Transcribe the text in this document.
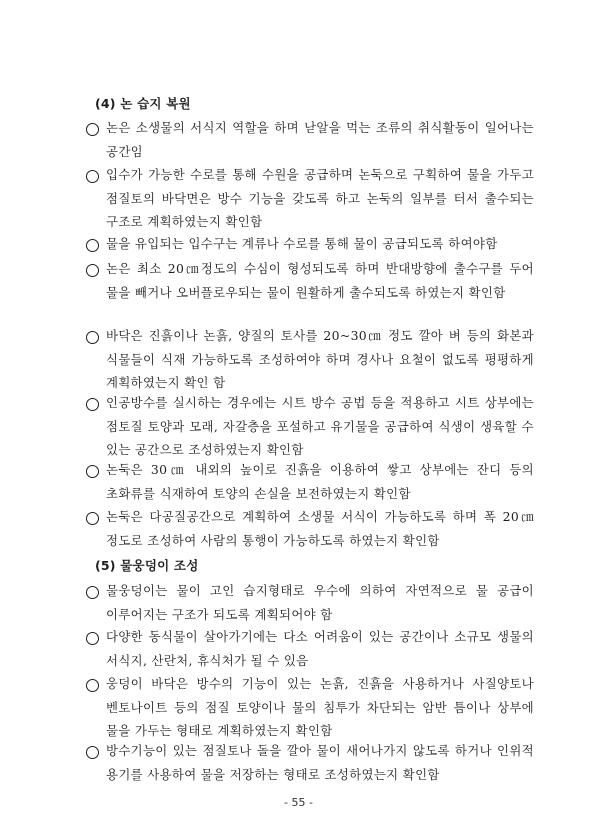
(4) 논 습지 복원
논은 소생물의 서식지 역할을 하며 낟알을 먹는 조류의 취식활동이 일어나는 공간임
입수가 가능한 수로를 통해 수원을 공급하며 논둑으로 구획하여 물을 가두고 점질토의 바닥면은 방수 기능을 갖도록 하고 논둑의 일부를 터서 출수되는 구조로 계획하였는지 확인함
물을 유입되는 입수구는 계류나 수로를 통해 물이 공급되도록 하여야함
논은 최소 20㎝정도의 수심이 형성되도록 하며 반대방향에 출수구를 두어 물을 빼거나 오버플로우되는 물이 원활하게 출수되도록 하였는지 확인함
바닥은 진흙이나 논흙, 양질의 토사를 20~30㎝ 정도 깔아 벼 등의 화본과 식물들이 식재 가능하도록 조성하여야 하며 경사나 요철이 없도록 평평하게 계획하였는지 확인 함
인공방수를 실시하는 경우에는 시트 방수 공법 등을 적용하고 시트 상부에는 점토질 토양과 모래, 자갈층을 포설하고 유기물을 공급하여 식생이 생육할 수 있는 공간으로 조성하였는지 확인함
논둑은 30㎝ 내외의 높이로 진흙을 이용하여 쌓고 상부에는 잔디 등의 초화류를 식재하여 토양의 손실을 보전하였는지 확인함
논둑은 다공질공간으로 계획하여 소생물 서식이 가능하도록 하며 폭 20㎝ 정도로 조성하여 사람의 통행이 가능하도록 하였는지 확인함
(5) 물웅덩이 조성
물웅덩이는 물이 고인 습지형태로 우수에 의하여 자연적으로 물 공급이 이루어지는 구조가 되도록 계획되어야 함
다양한 동식물이 살아가기에는 다소 어려움이 있는 공간이나 소규모 생물의 서식지, 산란처, 휴식처가 될 수 있음
웅덩이 바닥은 방수의 기능이 있는 논흙, 진흙을 사용하거나 사질양토나 벤토나이트 등의 점질 토양이나 물의 침투가 차단되는 암반 틈이나 상부에 물을 가두는 형태로 계획하였는지 확인함
방수기능이 있는 점질토나 돌을 깔아 물이 새어나가지 않도록 하거나 인위적 용기를 사용하여 물을 저장하는 형태로 조성하였는지 확인함
- 55 -
